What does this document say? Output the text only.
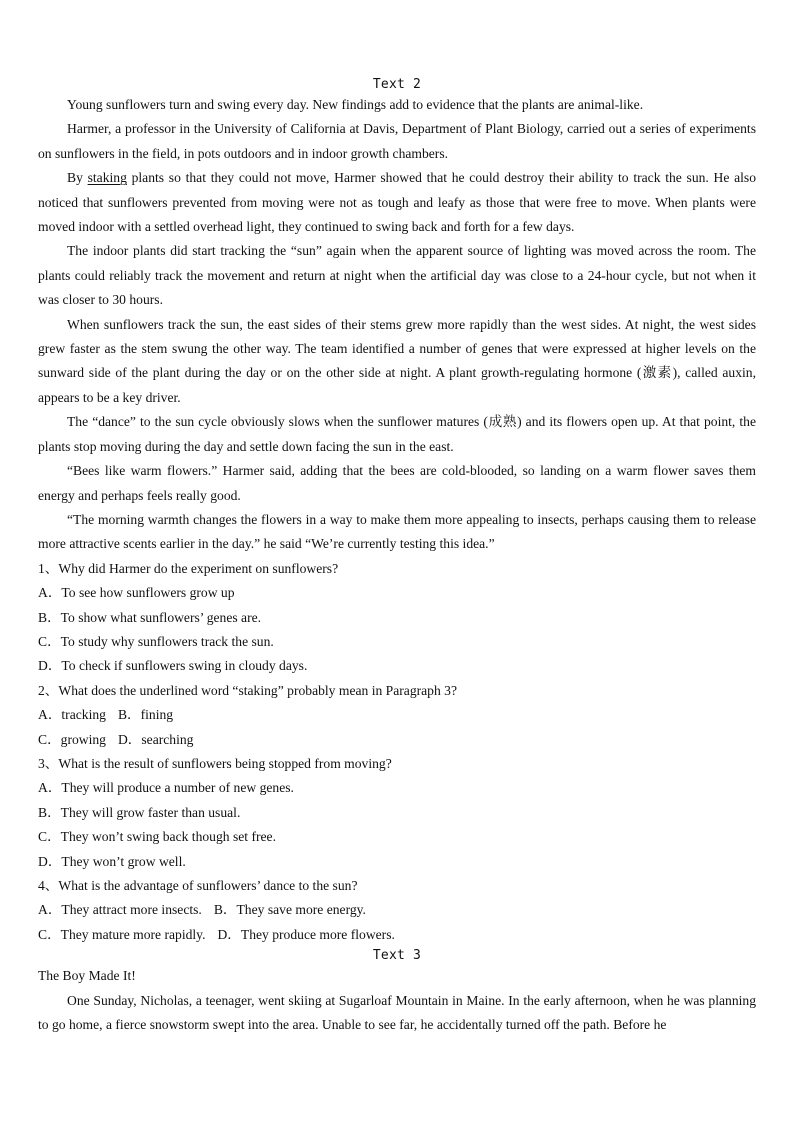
Text 2

Young sunflowers turn and swing every day. New findings add to evidence that the plants are animal-like.

Harmer, a professor in the University of California at Davis, Department of Plant Biology, carried out a series of experiments on sunflowers in the field, in pots outdoors and in indoor growth chambers.

By staking plants so that they could not move, Harmer showed that he could destroy their ability to track the sun. He also noticed that sunflowers prevented from moving were not as tough and leafy as those that were free to move. When plants were moved indoor with a settled overhead light, they continued to swing back and forth for a few days.

The indoor plants did start tracking the “sun” again when the apparent source of lighting was moved across the room. The plants could reliably track the movement and return at night when the artificial day was close to a 24-hour cycle, but not when it was closer to 30 hours.

When sunflowers track the sun, the east sides of their stems grew more rapidly than the west sides. At night, the west sides grew faster as the stem swung the other way. The team identified a number of genes that were expressed at higher levels on the sunward side of the plant during the day or on the other side at night. A plant growth-regulating hormone (激素), called auxin, appears to be a key driver.

The “dance” to the sun cycle obviously slows when the sunflower matures (成熟) and its flowers open up. At that point, the plants stop moving during the day and settle down facing the sun in the east.

“Bees like warm flowers.” Harmer said, adding that the bees are cold-blooded, so landing on a warm flower saves them energy and perhaps feels really good.

“The morning warmth changes the flowers in a way to make them more appealing to insects, perhaps causing them to release more attractive scents earlier in the day.” he said “We’re currently testing this idea.”

1、Why did Harmer do the experiment on sunflowers?

A．To see how sunflowers grow up

B．To show what sunflowers’ genes are.

C．To study why sunflowers track the sun.

D．To check if sunflowers swing in cloudy days.

2、What does the underlined word “staking” probably mean in Paragraph 3?

A．tracking B．fining

C．growing D．searching

3、What is the result of sunflowers being stopped from moving?

A．They will produce a number of new genes.

B．They will grow faster than usual.

C．They won’t swing back though set free.

D．They won’t grow well.

4、What is the advantage of sunflowers’ dance to the sun?

A．They attract more insects. B．They save more energy.

C．They mature more rapidly. D．They produce more flowers.

Text 3

The Boy Made It!

One Sunday, Nicholas, a teenager, went skiing at Sugarloaf Mountain in Maine. In the early afternoon, when he was planning to go home, a fierce snowstorm swept into the area. Unable to see far, he accidentally turned off the path. Before he
